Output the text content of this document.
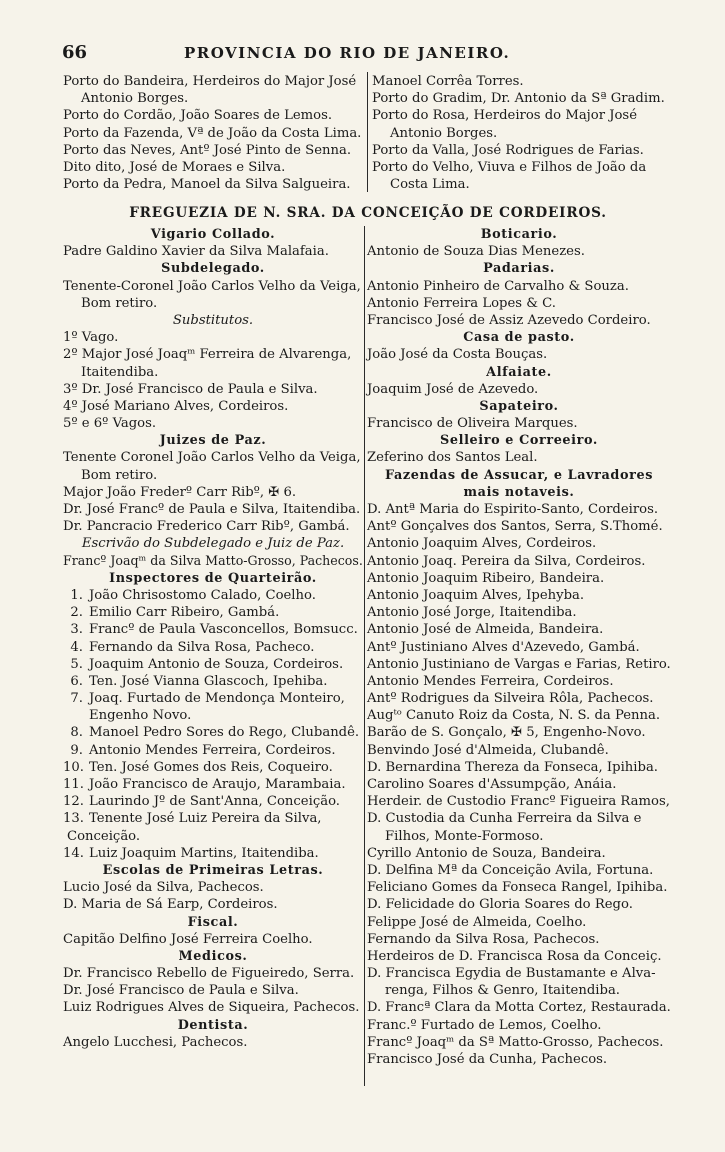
66	PROVINCIA DO RIO DE JANEIRO.
Porto do Bandeira, Herdeiros do Major José
Antonio Borges.
Porto do Cordão, João Soares de Lemos.
Porto da Fazenda, Vª de João da Costa Lima.
Porto das Neves, Antº José Pinto de Senna.
Dito dito, José de Moraes e Silva.
Porto da Pedra, Manoel da Silva Salgueira.
Manoel Corrêa Torres.
Porto do Gradim, Dr. Antonio da Sª Gradim.
Porto do Rosa, Herdeiros do Major José
Antonio Borges.
Porto da Valla, José Rodrigues de Farias.
Porto do Velho, Viuva e Filhos de João da
Costa Lima.
FREGUEZIA DE N. SRA. DA CONCEIÇÃO DE CORDEIROS.
Vigario Collado.
Padre Galdino Xavier da Silva Malafaia.
Subdelegado.
Tenente-Coronel João Carlos Velho da Veiga,
Bom retiro.
Substitutos.
1º Vago.
2º Major José Joaqᵐ Ferreira de Alvarenga,
Itaitendiba.
3º Dr. José Francisco de Paula e Silva.
4º José Mariano Alves, Cordeiros.
5º e 6º Vagos.
Juizes de Paz.
Tenente Coronel João Carlos Velho da Veiga,
Bom retiro.
Major João Frederº Carr Ribº, ✠ 6.
Dr. José Francº de Paula e Silva, Itaitendiba.
Dr. Pancracio Frederico Carr Ribº, Gambá.
Escrivão do Subdelegado e Juiz de Paz.
Francº Joaqᵐ da Silva Matto-Grosso, Pachecos.
Inspectores de Quarteirão.
1. João Chrisostomo Calado, Coelho.
2. Emilio Carr Ribeiro, Gambá.
3. Francº de Paula Vasconcellos, Bomsucc.
4. Fernando da Silva Rosa, Pacheco.
5. Joaquim Antonio de Souza, Cordeiros.
6. Ten. José Vianna Glascoch, Ipehiba.
7. Joaq. Furtado de Mendonça Monteiro,
Engenho Novo.
8. Manoel Pedro Sores do Rego, Clubandê.
9. Antonio Mendes Ferreira, Cordeiros.
10. Ten. José Gomes dos Reis, Coqueiro.
11. João Francisco de Araujo, Marambaia.
12. Laurindo Jº de Sant'Anna, Conceição.
13. Tenente José Luiz Pereira da Silva,
Conceição.
14. Luiz Joaquim Martins, Itaitendiba.
Escolas de Primeiras Letras.
Lucio José da Silva, Pachecos.
D. Maria de Sá Earp, Cordeiros.
Fiscal.
Capitão Delfino José Ferreira Coelho.
Medicos.
Dr. Francisco Rebello de Figueiredo, Serra.
Dr. José Francisco de Paula e Silva.
Luiz Rodrigues Alves de Siqueira, Pachecos.
Dentista.
Angelo Lucchesi, Pachecos.
Boticario.
Antonio de Souza Dias Menezes.
Padarias.
Antonio Pinheiro de Carvalho & Souza.
Antonio Ferreira Lopes & C.
Francisco José de Assiz Azevedo Cordeiro.
Casa de pasto.
João José da Costa Bouças.
Alfaiate.
Joaquim José de Azevedo.
Sapateiro.
Francisco de Oliveira Marques.
Selleiro e Correeiro.
Zeferino dos Santos Leal.
Fazendas de Assucar, e Lavradores
mais notaveis.
D. Antª Maria do Espirito-Santo, Cordeiros.
Antº Gonçalves dos Santos, Serra, S.Thomé.
Antonio Joaquim Alves, Cordeiros.
Antonio Joaq. Pereira da Silva, Cordeiros.
Antonio Joaquim Ribeiro, Bandeira.
Antonio Joaquim Alves, Ipehyba.
Antonio José Jorge, Itaitendiba.
Antonio José de Almeida, Bandeira.
Antº Justiniano Alves d'Azevedo, Gambá.
Antonio Justiniano de Vargas e Farias, Retiro.
Antonio Mendes Ferreira, Cordeiros.
Antº Rodrigues da Silveira Rôla, Pachecos.
Augᵗᵒ Canuto Roiz da Costa, N. S. da Penna.
Barão de S. Gonçalo, ✠ 5, Engenho-Novo.
Benvindo José d'Almeida, Clubandê.
D. Bernardina Thereza da Fonseca, Ipihiba.
Carolino Soares d'Assumpção, Anáia.
Herdeir. de Custodio Francº Figueira Ramos,
D. Custodia da Cunha Ferreira da Silva e
Filhos, Monte-Formoso.
Cyrillo Antonio de Souza, Bandeira.
D. Delfina Mª da Conceição Avila, Fortuna.
Feliciano Gomes da Fonseca Rangel, Ipihiba.
D. Felicidade do Gloria Soares do Rego.
Felippe José de Almeida, Coelho.
Fernando da Silva Rosa, Pachecos.
Herdeiros de D. Francisca Rosa da Conceiç.
D. Francisca Egydia de Bustamante e Alva-
renga, Filhos & Genro, Itaitendiba.
D. Francª Clara da Motta Cortez, Restaurada.
Franc.º Furtado de Lemos, Coelho.
Francº Joaqᵐ da Sª Matto-Grosso, Pachecos.
Francisco José da Cunha, Pachecos.
